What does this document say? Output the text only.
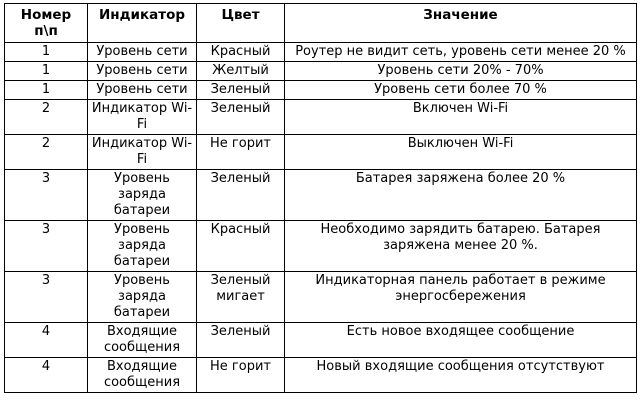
Номер п\п	Индикатор	Цвет	Значение
1	Уровень сети	Красный	Роутер не видит сеть, уровень сети менее 20 %
1	Уровень сети	Желтый	Уровень сети 20% - 70%
1	Уровень сети	Зеленый	Уровень сети более 70 %
2	Индикатор Wi-Fi	Зеленый	Включен Wi-Fi
2	Индикатор Wi-Fi	Не горит	Выключен Wi-Fi
3	Уровень заряда батареи	Зеленый	Батарея заряжена более 20 %
3	Уровень заряда батареи	Красный	Необходимо зарядить батарею. Батарея заряжена менее 20 %.
3	Уровень заряда батареи	Зеленый мигает	Индикаторная панель работает в режиме энергосбережения
4	Входящие сообщения	Зеленый	Есть новое входящее сообщение
4	Входящие сообщения	Не горит	Новый входящие сообщения отсутствуют
